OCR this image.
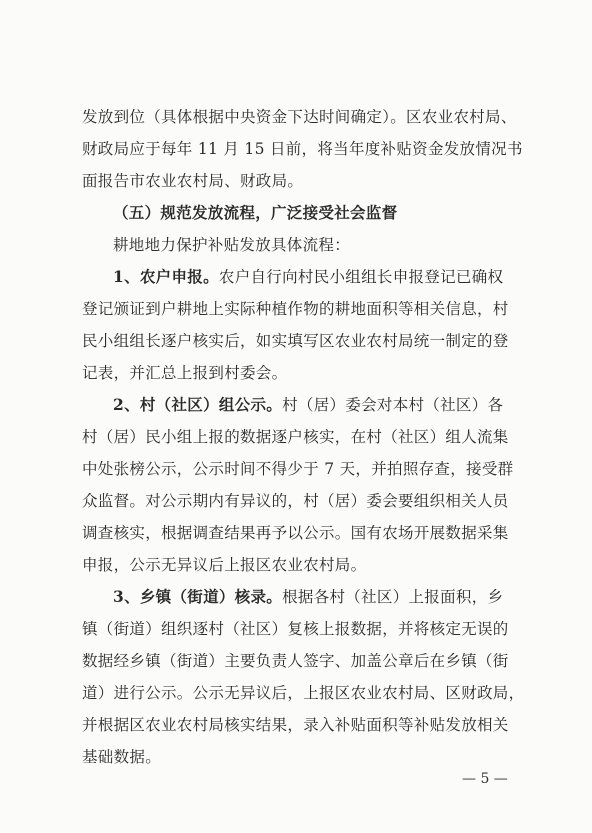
发放到位（具体根据中央资金下达时间确定）。区农业农村局、
财政局应于每年 11 月 15 日前，将当年度补贴资金发放情况书
面报告市农业农村局、财政局。
（五）规范发放流程，广泛接受社会监督
耕地地力保护补贴发放具体流程：
1、农户申报。农户自行向村民小组组长申报登记已确权
登记颁证到户耕地上实际种植作物的耕地面积等相关信息，村
民小组组长逐户核实后，如实填写区农业农村局统一制定的登
记表，并汇总上报到村委会。
2、村（社区）组公示。村（居）委会对本村（社区）各
村（居）民小组上报的数据逐户核实，在村（社区）组人流集
中处张榜公示，公示时间不得少于 7 天，并拍照存查，接受群
众监督。对公示期内有异议的，村（居）委会要组织相关人员
调查核实，根据调查结果再予以公示。国有农场开展数据采集
申报，公示无异议后上报区农业农村局。
3、乡镇（街道）核录。根据各村（社区）上报面积，乡
镇（街道）组织逐村（社区）复核上报数据，并将核定无误的
数据经乡镇（街道）主要负责人签字、加盖公章后在乡镇（街
道）进行公示。公示无异议后，上报区农业农村局、区财政局，
并根据区农业农村局核实结果，录入补贴面积等补贴发放相关
基础数据。
— 5 —
